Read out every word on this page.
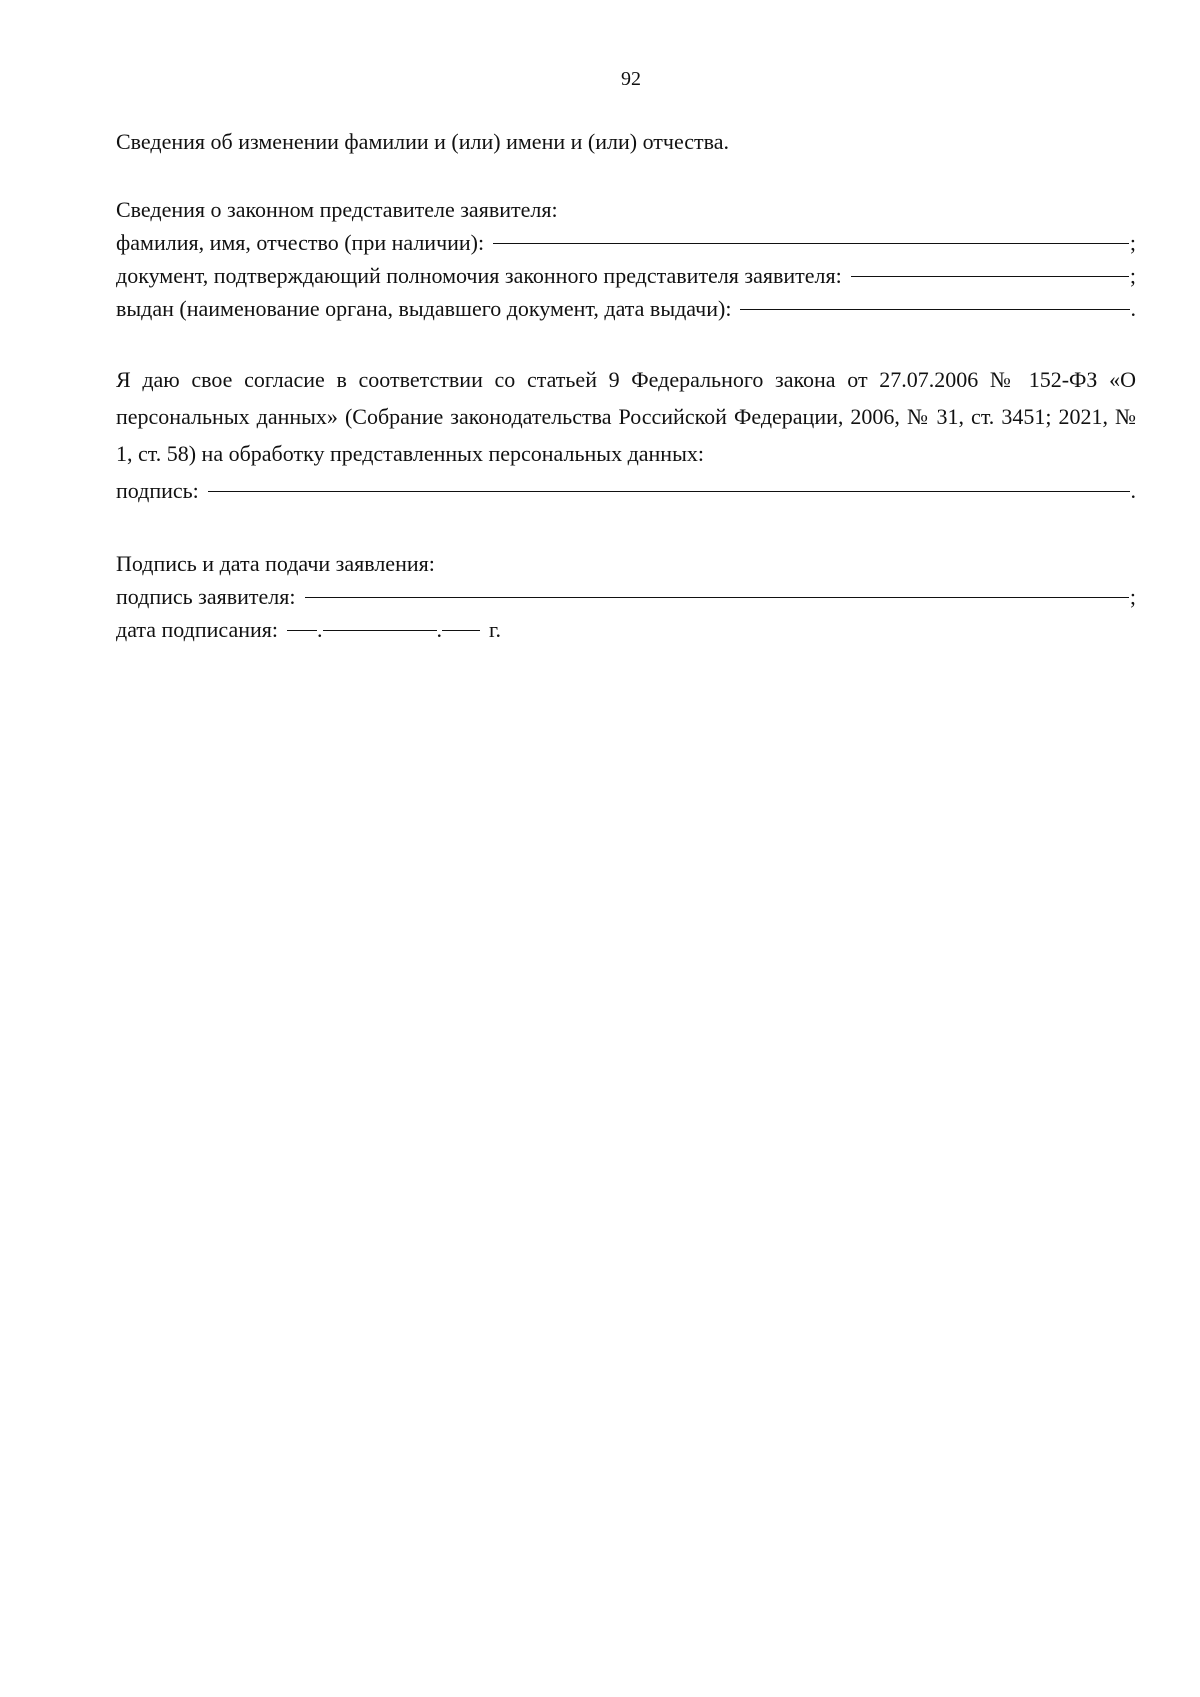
92

Сведения об изменении фамилии и (или) имени и (или) отчества.

Сведения о законном представителе заявителя:

фамилия, имя, отчество (при наличии):	;
документ, подтверждающий полномочия законного представителя заявителя:	;
выдан (наименование органа, выдавшего документ, дата выдачи):	.

Я даю свое согласие в соответствии со статьей 9 Федерального закона от 27.07.2006 № 152-ФЗ «О персональных данных» (Собрание законодательства Российской Федерации, 2006, № 31, ст. 3451; 2021, № 1, ст. 58) на обработку представленных персональных данных:

подпись:	.

Подпись и дата подачи заявления:

подпись заявителя:	;
дата подписания: .	. г.
